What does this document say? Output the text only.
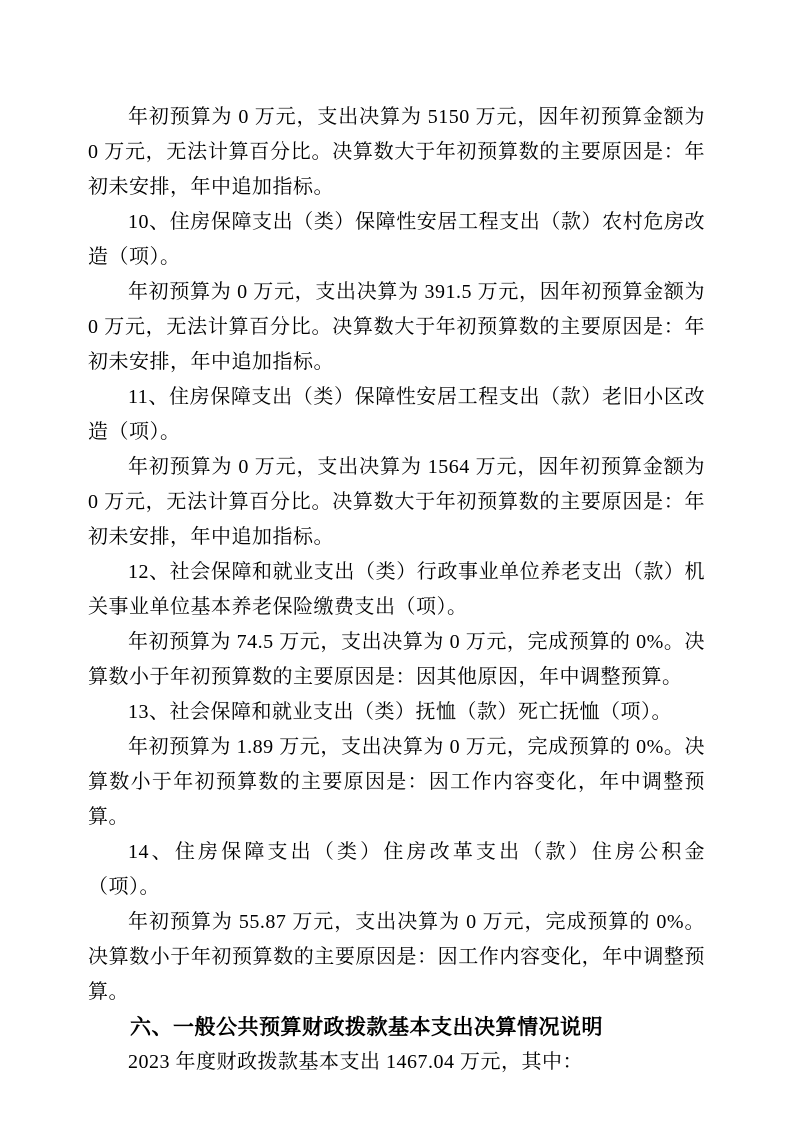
年初预算为 0 万元，支出决算为 5150 万元，因年初预算金额为 0 万元，无法计算百分比。决算数大于年初预算数的主要原因是：年初未安排，年中追加指标。

10、住房保障支出（类）保障性安居工程支出（款）农村危房改造（项）。

年初预算为 0 万元，支出决算为 391.5 万元，因年初预算金额为 0 万元，无法计算百分比。决算数大于年初预算数的主要原因是：年初未安排，年中追加指标。

11、住房保障支出（类）保障性安居工程支出（款）老旧小区改造（项）。

年初预算为 0 万元，支出决算为 1564 万元，因年初预算金额为 0 万元，无法计算百分比。决算数大于年初预算数的主要原因是：年初未安排，年中追加指标。

12、社会保障和就业支出（类）行政事业单位养老支出（款）机关事业单位基本养老保险缴费支出（项）。

年初预算为 74.5 万元，支出决算为 0 万元，完成预算的 0%。决算数小于年初预算数的主要原因是：因其他原因，年中调整预算。

13、社会保障和就业支出（类）抚恤（款）死亡抚恤（项）。

年初预算为 1.89 万元，支出决算为 0 万元，完成预算的 0%。决算数小于年初预算数的主要原因是：因工作内容变化，年中调整预算。

14、住房保障支出（类）住房改革支出（款）住房公积金（项）。

年初预算为 55.87 万元，支出决算为 0 万元，完成预算的 0%。决算数小于年初预算数的主要原因是：因工作内容变化，年中调整预算。

六、一般公共预算财政拨款基本支出决算情况说明

2023 年度财政拨款基本支出 1467.04 万元，其中：
